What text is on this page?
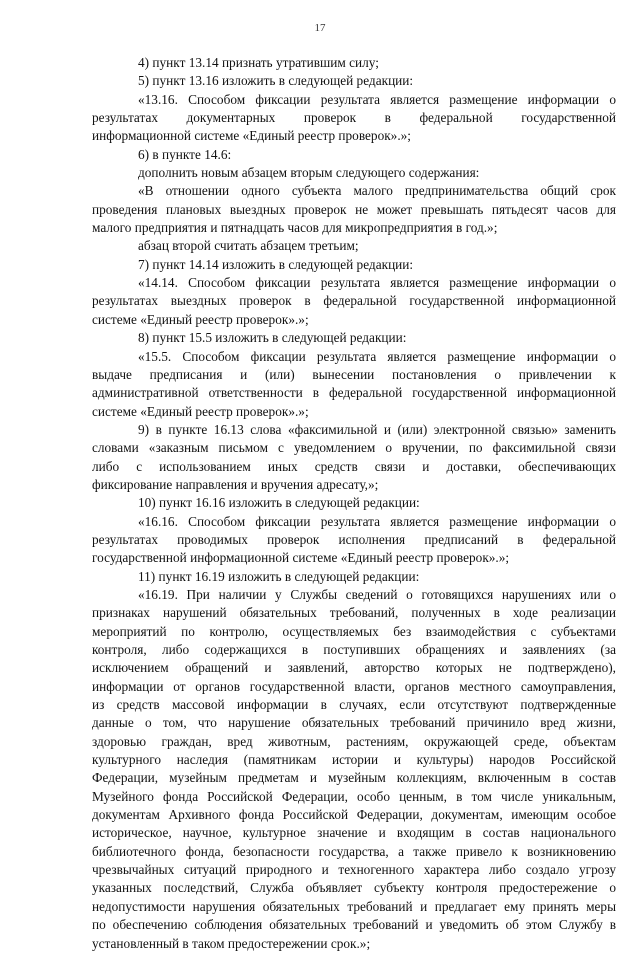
17
4) пункт 13.14 признать утратившим силу;
5) пункт 13.16 изложить в следующей редакции:
«13.16. Способом фиксации результата является размещение информации о
результатах документарных проверок в федеральной государственной
информационной системе «Единый реестр проверок».»;
6) в пункте 14.6:
дополнить новым абзацем вторым следующего содержания:
«В отношении одного субъекта малого предпринимательства общий срок
проведения плановых выездных проверок не может превышать пятьдесят часов для
малого предприятия и пятнадцать часов для микропредприятия в год.»;
абзац второй считать абзацем третьим;
7) пункт 14.14 изложить в следующей редакции:
«14.14. Способом фиксации результата является размещение информации о
результатах выездных проверок в федеральной государственной информационной
системе «Единый реестр проверок».»;
8) пункт 15.5 изложить в следующей редакции:
«15.5. Способом фиксации результата является размещение информации о
выдаче предписания и (или) вынесении постановления о привлечении к
административной ответственности в федеральной государственной информационной
системе «Единый реестр проверок».»;
9) в пункте 16.13 слова «факсимильной и (или) электронной связью» заменить
словами «заказным письмом с уведомлением о вручении, по факсимильной связи
либо с использованием иных средств связи и доставки, обеспечивающих
фиксирование направления и вручения адресату,»;
10) пункт 16.16 изложить в следующей редакции:
«16.16. Способом фиксации результата является размещение информации о
результатах проводимых проверок исполнения предписаний в федеральной
государственной информационной системе «Единый реестр проверок».»;
11) пункт 16.19 изложить в следующей редакции:
«16.19. При наличии у Службы сведений о готовящихся нарушениях или о
признаках нарушений обязательных требований, полученных в ходе реализации
мероприятий по контролю, осуществляемых без взаимодействия с субъектами
контроля, либо содержащихся в поступивших обращениях и заявлениях (за
исключением обращений и заявлений, авторство которых не подтверждено),
информации от органов государственной власти, органов местного самоуправления,
из средств массовой информации в случаях, если отсутствуют подтвержденные
данные о том, что нарушение обязательных требований причинило вред жизни,
здоровью граждан, вред животным, растениям, окружающей среде, объектам
культурного наследия (памятникам истории и культуры) народов Российской
Федерации, музейным предметам и музейным коллекциям, включенным в состав
Музейного фонда Российской Федерации, особо ценным, в том числе уникальным,
документам Архивного фонда Российской Федерации, документам, имеющим особое
историческое, научное, культурное значение и входящим в состав национального
библиотечного фонда, безопасности государства, а также привело к возникновению
чрезвычайных ситуаций природного и техногенного характера либо создало угрозу
указанных последствий, Служба объявляет субъекту контроля предостережение о
недопустимости нарушения обязательных требований и предлагает ему принять меры
по обеспечению соблюдения обязательных требований и уведомить об этом Службу в
установленный в таком предостережении срок.»;
